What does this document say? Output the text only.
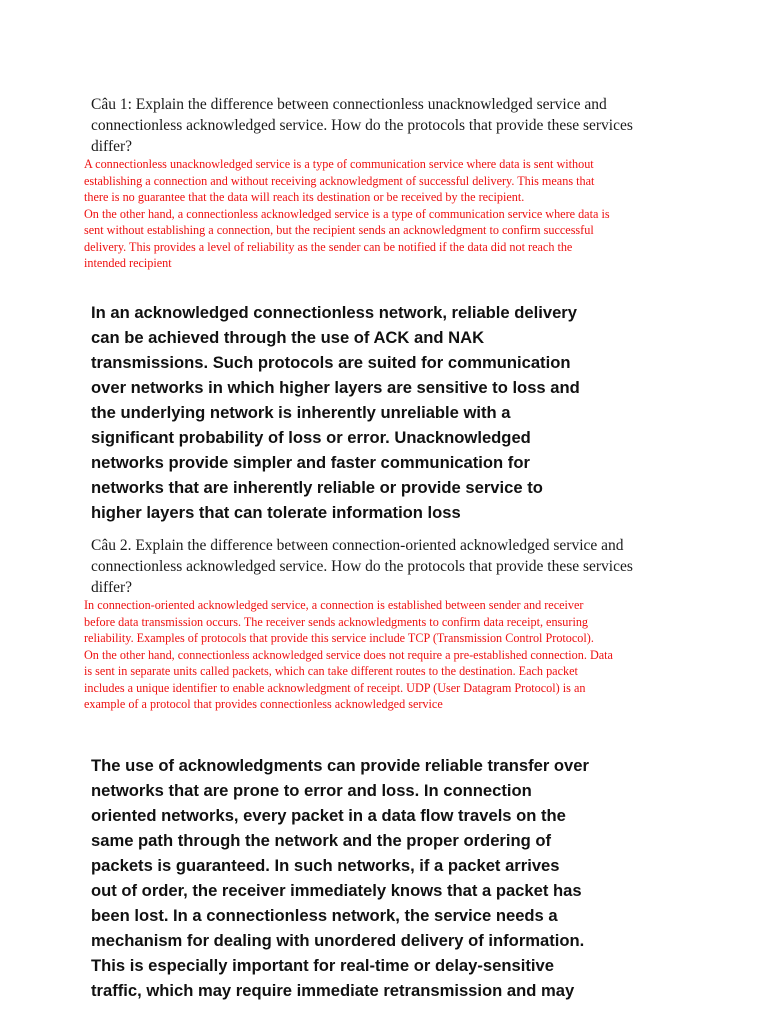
Câu 1: Explain the difference between connectionless unacknowledged service and
connectionless acknowledged service. How do the protocols that provide these services
differ?

A connectionless unacknowledged service is a type of communication service where data is sent without

establishing a connection and without receiving acknowledgment of successful delivery. This means that

there is no guarantee that the data will reach its destination or be received by the recipient.

On the other hand, a connectionless acknowledged service is a type of communication service where data is

sent without establishing a connection, but the recipient sends an acknowledgment to confirm successful

delivery. This provides a level of reliability as the sender can be notified if the data did not reach the

intended recipient

In an acknowledged connectionless network, reliable delivery
can be achieved through the use of ACK and NAK
transmissions. Such protocols are suited for communication
over networks in which higher layers are sensitive to loss and
the underlying network is inherently unreliable with a
significant probability of loss or error. Unacknowledged
networks provide simpler and faster communication for
networks that are inherently reliable or provide service to
higher layers that can tolerate information loss
Câu 2. Explain the difference between connection-oriented acknowledged service and
connectionless acknowledged service. How do the protocols that provide these services
differ?

In connection-oriented acknowledged service, a connection is established between sender and receiver

before data transmission occurs. The receiver sends acknowledgments to confirm data receipt, ensuring

reliability. Examples of protocols that provide this service include TCP (Transmission Control Protocol).

On the other hand, connectionless acknowledged service does not require a pre-established connection. Data

is sent in separate units called packets, which can take different routes to the destination. Each packet

includes a unique identifier to enable acknowledgment of receipt. UDP (User Datagram Protocol) is an

example of a protocol that provides connectionless acknowledged service

The use of acknowledgments can provide reliable transfer over
networks that are prone to error and loss. In connection
oriented networks, every packet in a data flow travels on the
same path through the network and the proper ordering of
packets is guaranteed. In such networks, if a packet arrives
out of order, the receiver immediately knows that a packet has
been lost. In a connectionless network, the service needs a
mechanism for dealing with unordered delivery of information.
This is especially important for real-time or delay-sensitive
traffic, which may require immediate retransmission and may
